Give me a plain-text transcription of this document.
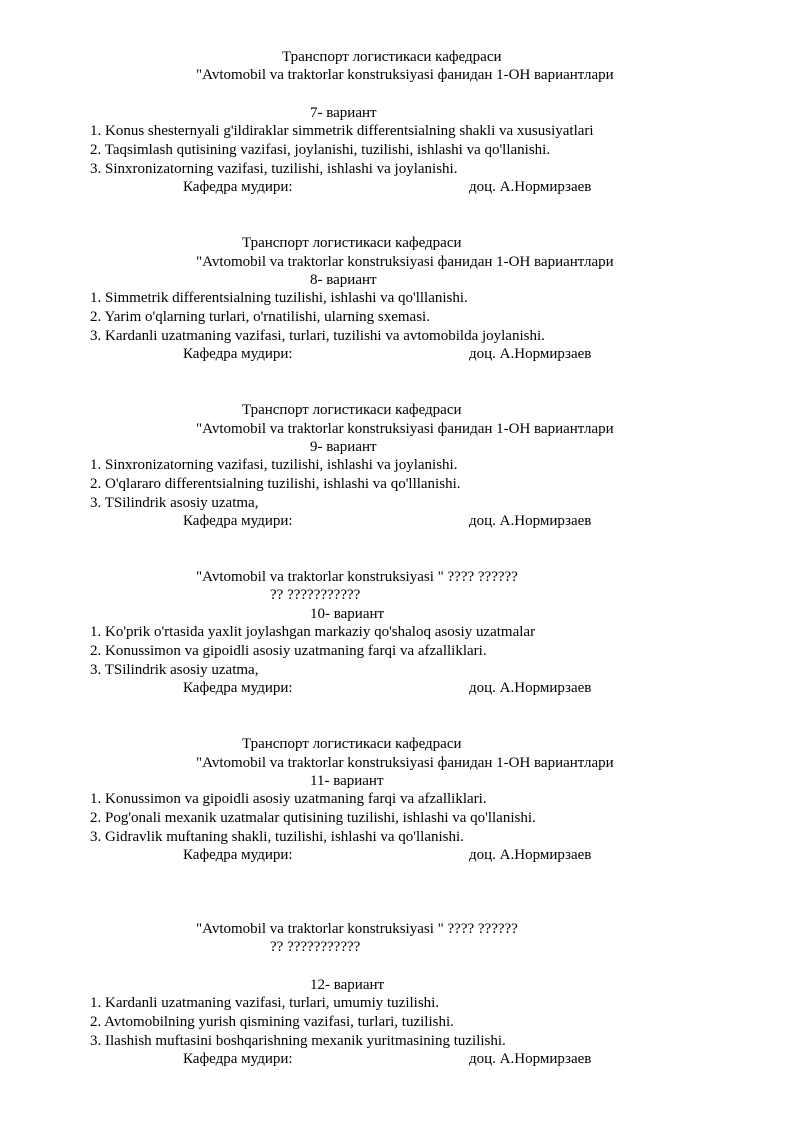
Транспорт логистикаси кафедраси
"Avtomobil va traktorlar konstruksiyasi фанидан 1-ОН вариантлари
7- вариант
1. Konus shesternyali g'ildiraklar simmetrik differentsialning shakli va xususiyatlari
2. Taqsimlash qutisining vazifasi, joylanishi, tuzilishi, ishlashi va qo'llanishi.
3. Sinxronizatorning vazifasi, tuzilishi, ishlashi va joylanishi.
Кафедра мудири:	доц. А.Нормирзаев
Транспорт логистикаси кафедраси
"Avtomobil va traktorlar konstruksiyasi фанидан 1-ОН вариантлари
8- вариант
1. Simmetrik differentsialning tuzilishi, ishlashi va qo'lllanishi.
2. Yarim o'qlarning turlari, o'rnatilishi, ularning sxemasi.
3. Kardanli uzatmaning vazifasi, turlari, tuzilishi va avtomobilda joylanishi.
Кафедра мудири:	доц. А.Нормирзаев
Транспорт логистикаси кафедраси
"Avtomobil va traktorlar konstruksiyasi фанидан 1-ОН вариантлари
9- вариант
1. Sinxronizatorning vazifasi, tuzilishi, ishlashi va joylanishi.
2. O'qlararo differentsialning tuzilishi, ishlashi va qo'lllanishi.
3. TSilindrik asosiy uzatma,
Кафедра мудири:	доц. А.Нормирзаев
"Avtomobil va traktorlar konstruksiyasi " ???? ??????
?? ???????????
10- вариант
1. Ko'prik o'rtasida yaxlit joylashgan markaziy qo'shaloq asosiy uzatmalar
2. Konussimon va gipoidli asosiy uzatmaning farqi va afzalliklari.
3. TSilindrik asosiy uzatma,
Кафедра мудири:	доц. А.Нормирзаев
Транспорт логистикаси кафедраси
"Avtomobil va traktorlar konstruksiyasi фанидан 1-ОН вариантлари
11- вариант
1. Konussimon va gipoidli asosiy uzatmaning farqi va afzalliklari.
2. Pog'onali mexanik uzatmalar qutisining tuzilishi, ishlashi va qo'llanishi.
3. Gidravlik muftaning shakli, tuzilishi, ishlashi va qo'llanishi.
Кафедра мудири:	доц. А.Нормирзаев
"Avtomobil va traktorlar konstruksiyasi " ???? ??????
?? ???????????
12- вариант
1. Kardanli uzatmaning vazifasi, turlari, umumiy tuzilishi.
2. Avtomobilning yurish qismining vazifasi, turlari, tuzilishi.
3. Ilashish muftasini boshqarishning mexanik yuritmasining tuzilishi.
Кафедра мудири:	доц. А.Нормирзаев
